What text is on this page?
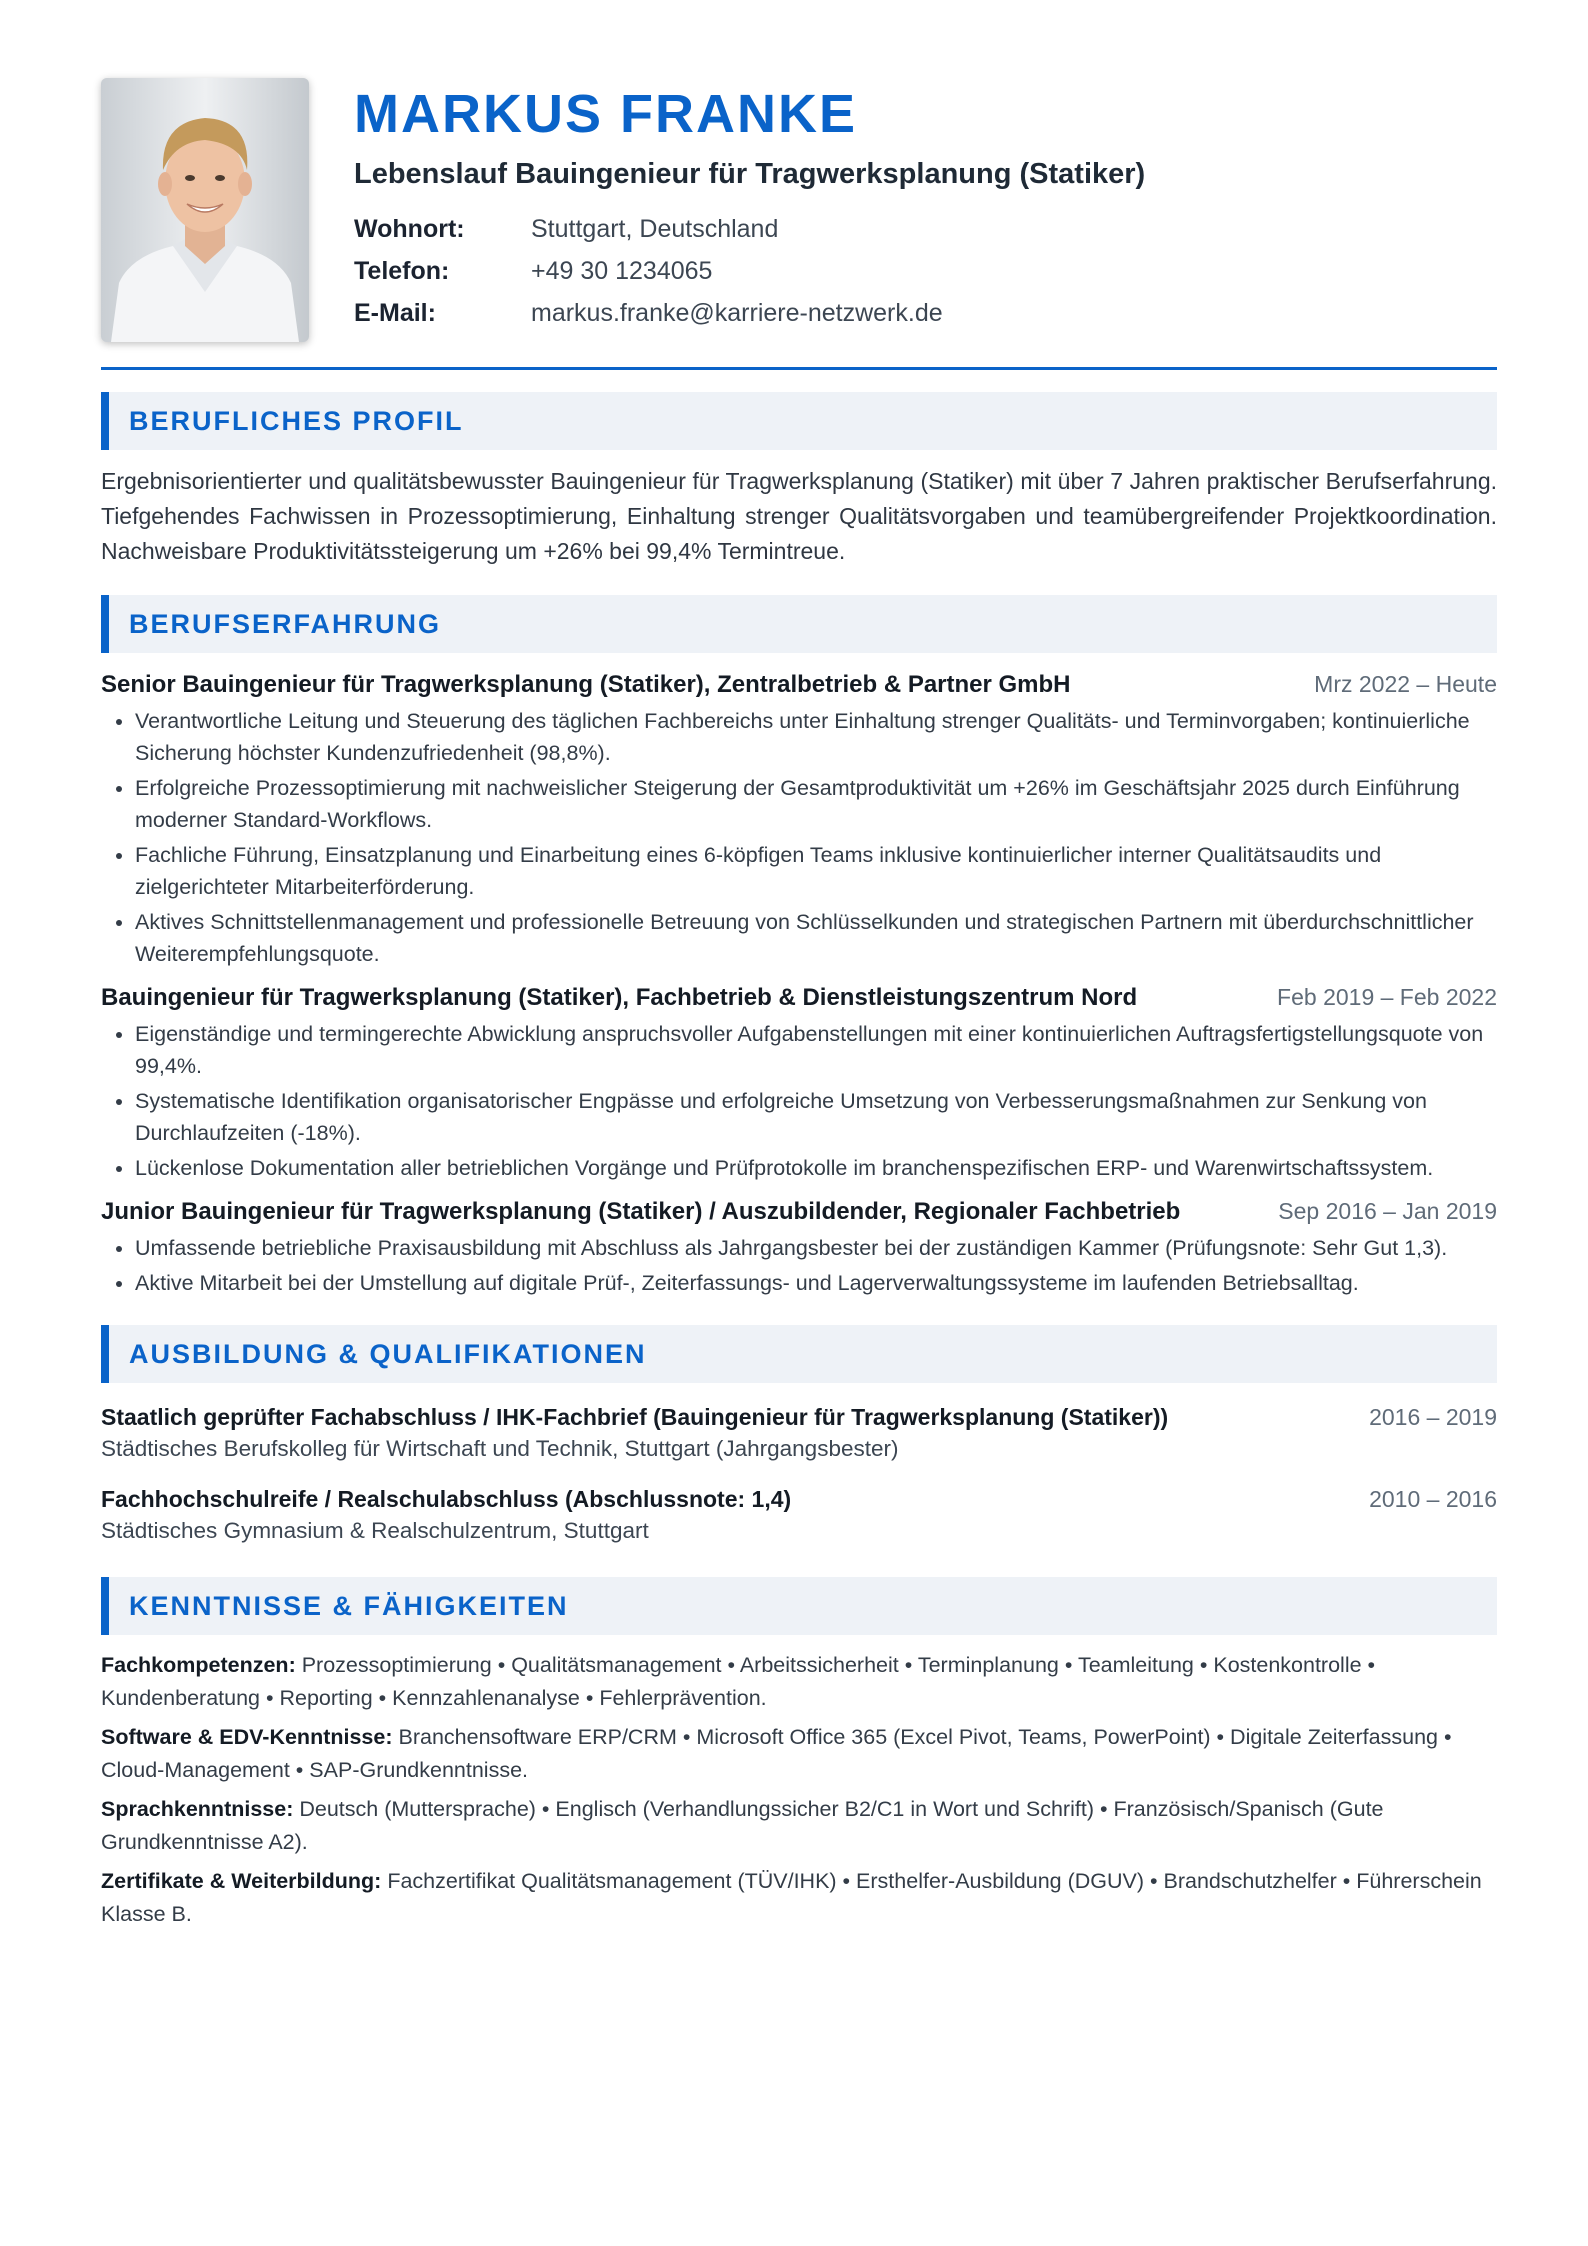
MARKUS FRANKE
Lebenslauf Bauingenieur für Tragwerksplanung (Statiker)
Wohnort:	Stuttgart, Deutschland
Telefon:	+49 30 1234065
E-Mail:	markus.franke@karriere-netzwerk.de
BERUFLICHES PROFIL

Ergebnisorientierter und qualitätsbewusster Bauingenieur für Tragwerksplanung (Statiker) mit über 7 Jahren praktischer Berufserfahrung. Tiefgehendes Fachwissen in Prozessoptimierung, Einhaltung strenger Qualitätsvorgaben und teamübergreifender Projektkoordination. Nachweisbare Produktivitätssteigerung um +26% bei 99,4% Termintreue.

BERUFSERFAHRUNG
Senior Bauingenieur für Tragwerksplanung (Statiker), Zentralbetrieb & Partner GmbH	Mrz 2022 – Heute
• Verantwortliche Leitung und Steuerung des täglichen Fachbereichs unter Einhaltung strenger Qualitäts- und Terminvorgaben; kontinuierliche Sicherung höchster Kundenzufriedenheit (98,8%).
• Erfolgreiche Prozessoptimierung mit nachweislicher Steigerung der Gesamtproduktivität um +26% im Geschäftsjahr 2025 durch Einführung moderner Standard-Workflows.
• Fachliche Führung, Einsatzplanung und Einarbeitung eines 6-köpfigen Teams inklusive kontinuierlicher interner Qualitätsaudits und zielgerichteter Mitarbeiterförderung.
• Aktives Schnittstellenmanagement und professionelle Betreuung von Schlüsselkunden und strategischen Partnern mit überdurchschnittlicher Weiterempfehlungsquote.
Bauingenieur für Tragwerksplanung (Statiker), Fachbetrieb & Dienstleistungszentrum Nord	Feb 2019 – Feb 2022
• Eigenständige und termingerechte Abwicklung anspruchsvoller Aufgabenstellungen mit einer kontinuierlichen Auftragsfertigstellungsquote von 99,4%.
• Systematische Identifikation organisatorischer Engpässe und erfolgreiche Umsetzung von Verbesserungsmaßnahmen zur Senkung von Durchlaufzeiten (-18%).
• Lückenlose Dokumentation aller betrieblichen Vorgänge und Prüfprotokolle im branchenspezifischen ERP- und Warenwirtschaftssystem.
Junior Bauingenieur für Tragwerksplanung (Statiker) / Auszubildender, Regionaler Fachbetrieb	Sep 2016 – Jan 2019
• Umfassende betriebliche Praxisausbildung mit Abschluss als Jahrgangsbester bei der zuständigen Kammer (Prüfungsnote: Sehr Gut 1,3).
• Aktive Mitarbeit bei der Umstellung auf digitale Prüf-, Zeiterfassungs- und Lagerverwaltungssysteme im laufenden Betriebsalltag.
AUSBILDUNG & QUALIFIKATIONEN
Staatlich geprüfter Fachabschluss / IHK-Fachbrief (Bauingenieur für Tragwerksplanung (Statiker))	2016 – 2019
Städtisches Berufskolleg für Wirtschaft und Technik, Stuttgart (Jahrgangsbester)
Fachhochschulreife / Realschulabschluss (Abschlussnote: 1,4)	2010 – 2016
Städtisches Gymnasium & Realschulzentrum, Stuttgart
KENNTNISSE & FÄHIGKEITEN
Fachkompetenzen: Prozessoptimierung • Qualitätsmanagement • Arbeitssicherheit • Terminplanung • Teamleitung • Kostenkontrolle • Kundenberatung • Reporting • Kennzahlenanalyse • Fehlerprävention.
Software & EDV-Kenntnisse: Branchensoftware ERP/CRM • Microsoft Office 365 (Excel Pivot, Teams, PowerPoint) • Digitale Zeiterfassung • Cloud-Management • SAP-Grundkenntnisse.
Sprachkenntnisse: Deutsch (Muttersprache) • Englisch (Verhandlungssicher B2/C1 in Wort und Schrift) • Französisch/Spanisch (Gute Grundkenntnisse A2).
Zertifikate & Weiterbildung: Fachzertifikat Qualitätsmanagement (TÜV/IHK) • Ersthelfer-Ausbildung (DGUV) • Brandschutzhelfer • Führerschein Klasse B.
